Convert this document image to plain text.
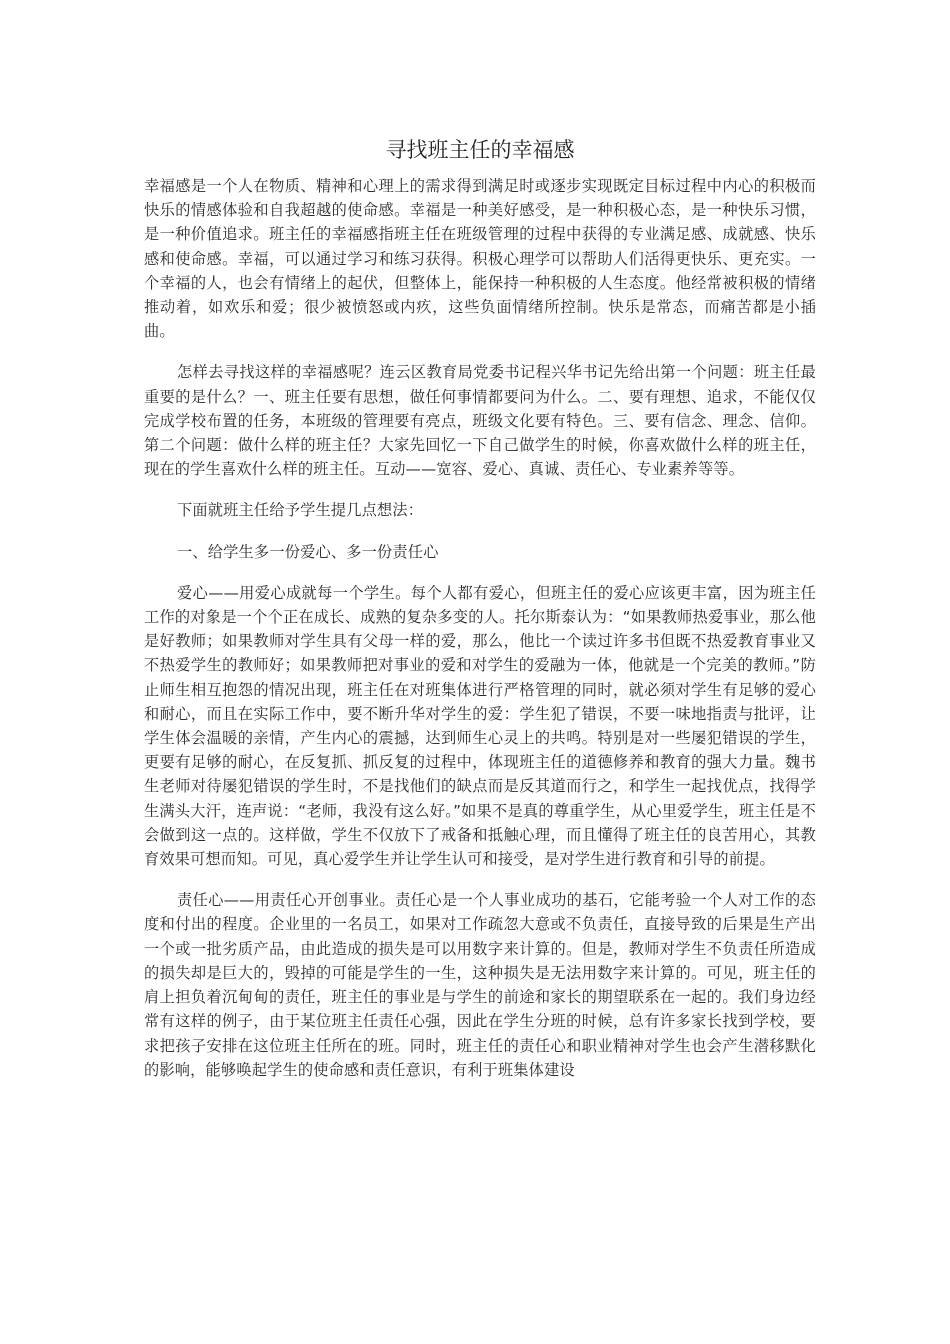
寻找班主任的幸福感

幸福感是一个人在物质、精神和心理上的需求得到满足时或逐步实现既定目标过程中内心的积极而快乐的情感体验和自我超越的使命感。幸福是一种美好感受，是一种积极心态，是一种快乐习惯，是一种价值追求。班主任的幸福感指班主任在班级管理的过程中获得的专业满足感、成就感、快乐感和使命感。幸福，可以通过学习和练习获得。积极心理学可以帮助人们活得更快乐、更充实。一个幸福的人，也会有情绪上的起伏，但整体上，能保持一种积极的人生态度。他经常被积极的情绪推动着，如欢乐和爱；很少被愤怒或内疚，这些负面情绪所控制。快乐是常态，而痛苦都是小插曲。

怎样去寻找这样的幸福感呢？连云区教育局党委书记程兴华书记先给出第一个问题：班主任最重要的是什么？一、班主任要有思想，做任何事情都要问为什么。二、要有理想、追求，不能仅仅完成学校布置的任务，本班级的管理要有亮点，班级文化要有特色。三、要有信念、理念、信仰。第二个问题：做什么样的班主任？大家先回忆一下自己做学生的时候，你喜欢做什么样的班主任，现在的学生喜欢什么样的班主任。互动——宽容、爱心、真诚、责任心、专业素养等等。

下面就班主任给予学生提几点想法：

一、给学生多一份爱心、多一份责任心

爱心——用爱心成就每一个学生。每个人都有爱心，但班主任的爱心应该更丰富，因为班主任工作的对象是一个个正在成长、成熟的复杂多变的人。托尔斯泰认为：“如果教师热爱事业，那么他是好教师；如果教师对学生具有父母一样的爱，那么，他比一个读过许多书但既不热爱教育事业又不热爱学生的教师好；如果教师把对事业的爱和对学生的爱融为一体，他就是一个完美的教师。”防止师生相互抱怨的情况出现，班主任在对班集体进行严格管理的同时，就必须对学生有足够的爱心和耐心，而且在实际工作中，要不断升华对学生的爱：学生犯了错误，不要一味地指责与批评，让学生体会温暖的亲情，产生内心的震撼，达到师生心灵上的共鸣。特别是对一些屡犯错误的学生，更要有足够的耐心，在反复抓、抓反复的过程中，体现班主任的道德修养和教育的强大力量。魏书生老师对待屡犯错误的学生时，不是找他们的缺点而是反其道而行之，和学生一起找优点，找得学生满头大汗，连声说：“老师，我没有这么好。”如果不是真的尊重学生，从心里爱学生，班主任是不会做到这一点的。这样做，学生不仅放下了戒备和抵触心理，而且懂得了班主任的良苦用心，其教育效果可想而知。可见，真心爱学生并让学生认可和接受，是对学生进行教育和引导的前提。

责任心——用责任心开创事业。责任心是一个人事业成功的基石，它能考验一个人对工作的态度和付出的程度。企业里的一名员工，如果对工作疏忽大意或不负责任，直接导致的后果是生产出一个或一批劣质产品，由此造成的损失是可以用数字来计算的。但是，教师对学生不负责任所造成的损失却是巨大的，毁掉的可能是学生的一生，这种损失是无法用数字来计算的。可见，班主任的肩上担负着沉甸甸的责任，班主任的事业是与学生的前途和家长的期望联系在一起的。我们身边经常有这样的例子，由于某位班主任责任心强，因此在学生分班的时候，总有许多家长找到学校，要求把孩子安排在这位班主任所在的班。同时，班主任的责任心和职业精神对学生也会产生潜移默化的影响，能够唤起学生的使命感和责任意识，有利于班集体建设
